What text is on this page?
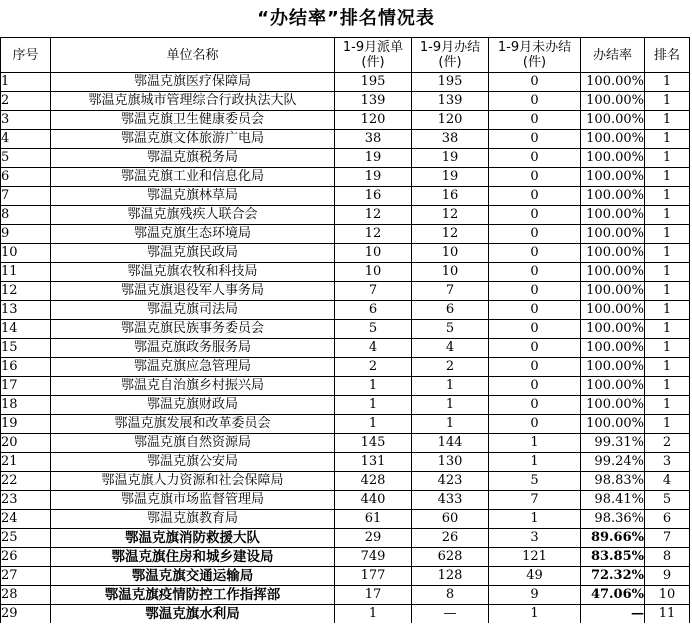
“办结率”排名情况表
序号	单位名称	1-9月派单(件)	1-9月办结(件)	1-9月未办结(件)	办结率	排名
1	鄂温克旗医疗保障局	195	195	0	100.00%	1
2	鄂温克旗城市管理综合行政执法大队	139	139	0	100.00%	1
3	鄂温克旗卫生健康委员会	120	120	0	100.00%	1
4	鄂温克旗文体旅游广电局	38	38	0	100.00%	1
5	鄂温克旗税务局	19	19	0	100.00%	1
6	鄂温克旗工业和信息化局	19	19	0	100.00%	1
7	鄂温克旗林草局	16	16	0	100.00%	1
8	鄂温克旗残疾人联合会	12	12	0	100.00%	1
9	鄂温克旗生态环境局	12	12	0	100.00%	1
10	鄂温克旗民政局	10	10	0	100.00%	1
11	鄂温克旗农牧和科技局	10	10	0	100.00%	1
12	鄂温克旗退役军人事务局	7	7	0	100.00%	1
13	鄂温克旗司法局	6	6	0	100.00%	1
14	鄂温克旗民族事务委员会	5	5	0	100.00%	1
15	鄂温克旗政务服务局	4	4	0	100.00%	1
16	鄂温克旗应急管理局	2	2	0	100.00%	1
17	鄂温克自治旗乡村振兴局	1	1	0	100.00%	1
18	鄂温克旗财政局	1	1	0	100.00%	1
19	鄂温克旗发展和改革委员会	1	1	0	100.00%	1
20	鄂温克旗自然资源局	145	144	1	99.31%	2
21	鄂温克旗公安局	131	130	1	99.24%	3
22	鄂温克旗人力资源和社会保障局	428	423	5	98.83%	4
23	鄂温克旗市场监督管理局	440	433	7	98.41%	5
24	鄂温克旗教育局	61	60	1	98.36%	6
25	鄂温克旗消防救援大队	29	26	3	89.66%	7
26	鄂温克旗住房和城乡建设局	749	628	121	83.85%	8
27	鄂温克旗交通运输局	177	128	49	72.32%	9
28	鄂温克旗疫情防控工作指挥部	17	8	9	47.06%	10
29	鄂温克旗水利局	1	—	1	—	11
